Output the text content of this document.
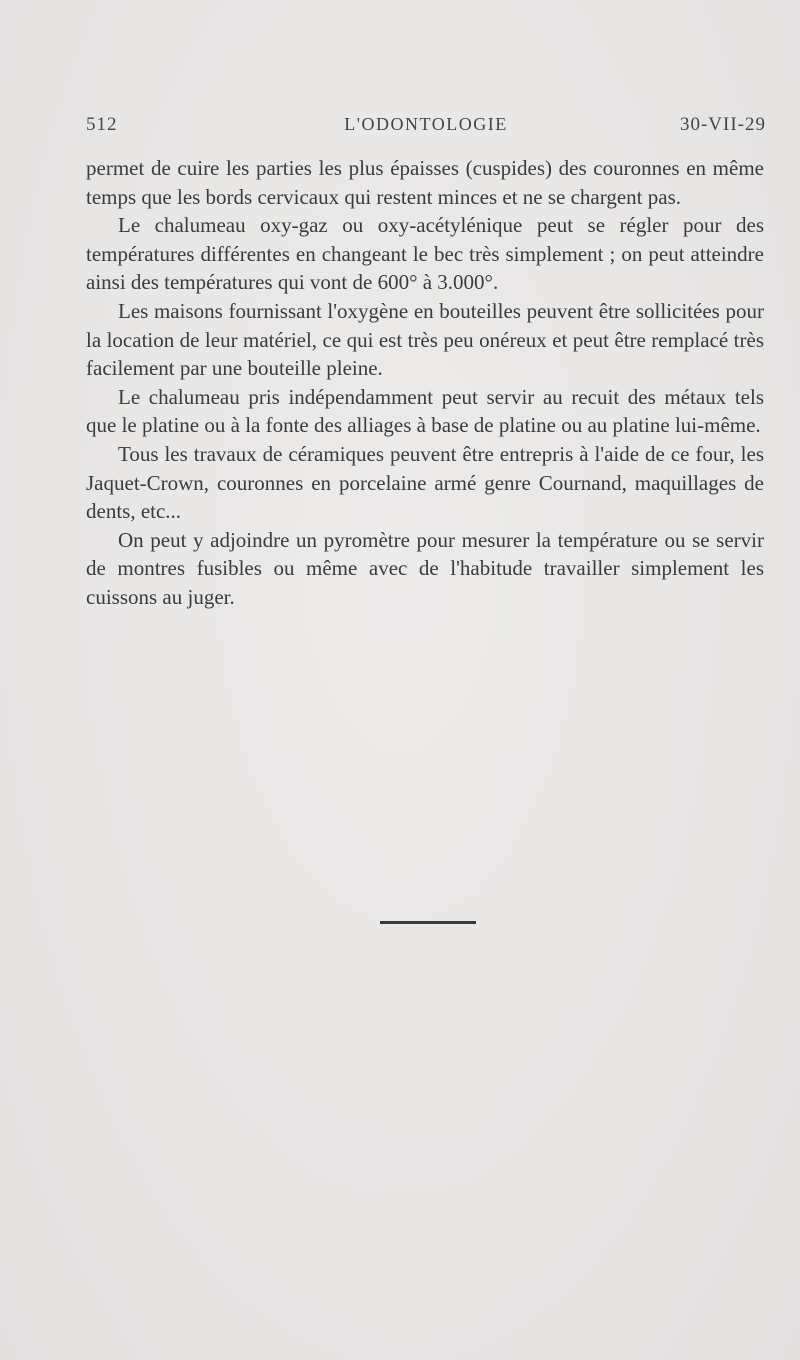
512	L'ODONTOLOGIE	30-VII-29

permet de cuire les parties les plus épaisses (cuspides) des couronnes en même temps que les bords cervicaux qui restent minces et ne se chargent pas.

Le chalumeau oxy-gaz ou oxy-acétylénique peut se régler pour des températures différentes en changeant le bec très simplement ; on peut atteindre ainsi des températures qui vont de 600° à 3.000°.

Les maisons fournissant l'oxygène en bouteilles peuvent être sollicitées pour la location de leur matériel, ce qui est très peu onéreux et peut être remplacé très facilement par une bouteille pleine.

Le chalumeau pris indépendamment peut servir au recuit des métaux tels que le platine ou à la fonte des alliages à base de platine ou au platine lui-même.

Tous les travaux de céramiques peuvent être entrepris à l'aide de ce four, les Jaquet-Crown, couronnes en porcelaine armé genre Cournand, maquillages de dents, etc...

On peut y adjoindre un pyromètre pour mesurer la température ou se servir de montres fusibles ou même avec de l'habitude travailler simplement les cuissons au juger.
